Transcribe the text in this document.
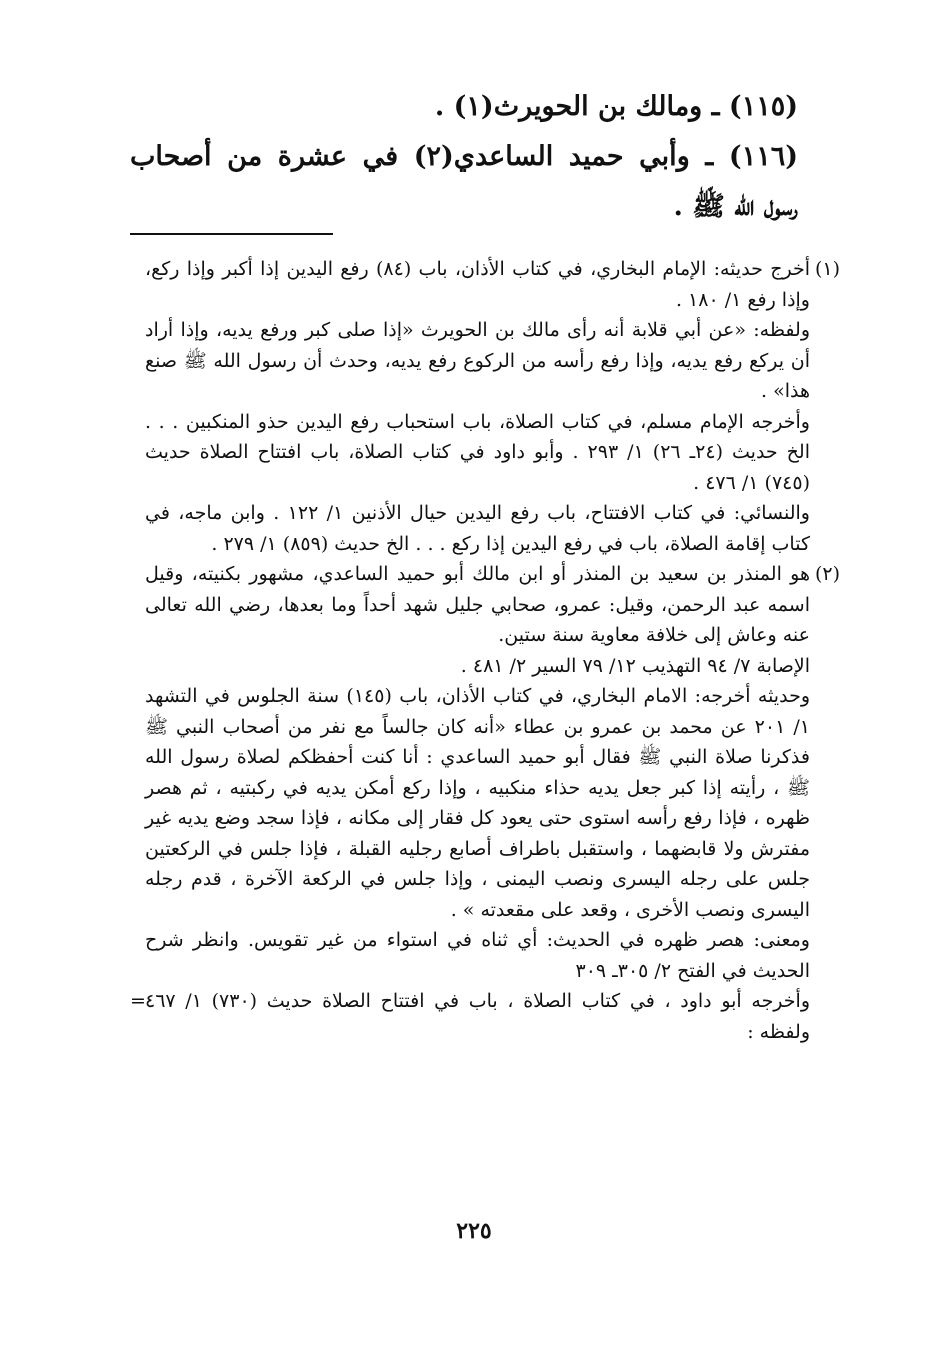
(١١٥) ـ ومالك بن الحويرث(١) .

(١١٦) ـ وأبي حميد الساعدي(٢) في عشرة من أصحاب

رسول الله ﷺ .

(١)

أخرج حديثه: الإمام البخاري، في كتاب الأذان، باب (٨٤) رفع اليدين إذا أكبر وإذا ركع، وإذا رفع ١/ ١٨٠ .

ولفظه: «عن أبي قلابة أنه رأى مالك بن الحويرث «إذا صلى كبر ورفع يديه، وإذا أراد أن يركع رفع يديه، وإذا رفع رأسه من الركوع رفع يديه، وحدث أن رسول الله ﷺ صنع هذا» .

وأخرجه الإمام مسلم، في كتاب الصلاة، باب استحباب رفع اليدين حذو المنكبين . . . الخ حديث (٢٤ـ ٢٦) ١/ ٢٩٣ . وأبو داود في كتاب الصلاة، باب افتتاح الصلاة حديث (٧٤٥) ١/ ٤٧٦ .

والنسائي: في كتاب الافتتاح، باب رفع اليدين حيال الأذنين ١/ ١٢٢ . وابن ماجه، في كتاب إقامة الصلاة، باب في رفع اليدين إذا ركع . . . الخ حديث (٨٥٩) ١/ ٢٧٩ .

(٢)

هو المنذر بن سعيد بن المنذر أو ابن مالك أبو حميد الساعدي، مشهور بكنيته، وقيل اسمه عبد الرحمن، وقيل: عمرو، صحابي جليل شهد أحداً وما بعدها، رضي الله تعالى عنه وعاش إلى خلافة معاوية سنة ستين.

الإصابة ٧/ ٩٤ التهذيب ١٢/ ٧٩ السير ٢/ ٤٨١ .

وحديثه أخرجه: الامام البخاري، في كتاب الأذان، باب (١٤٥) سنة الجلوس في التشهد ١/ ٢٠١ عن محمد بن عمرو بن عطاء «أنه كان جالساً مع نفر من أصحاب النبي ﷺ فذكرنا صلاة النبي ﷺ فقال أبو حميد الساعدي : أنا كنت أحفظكم لصلاة رسول الله ﷺ ، رأيته إذا كبر جعل يديه حذاء منكبيه ، وإذا ركع أمكن يديه في ركبتيه ، ثم هصر ظهره ، فإذا رفع رأسه استوى حتى يعود كل فقار إلى مكانه ، فإذا سجد وضع يديه غير مفترش ولا قابضهما ، واستقبل باطراف أصابع رجليه القبلة ، فإذا جلس في الركعتين جلس على رجله اليسرى ونصب اليمنى ، وإذا جلس في الركعة الآخرة ، قدم رجله اليسرى ونصب الأخرى ، وقعد على مقعدته » .

ومعنى: هصر ظهره في الحديث: أي ثناه في استواء من غير تقويس. وانظر شرح الحديث في الفتح ٢/ ٣٠٥ـ ٣٠٩

وأخرجه أبو داود ، في كتاب الصلاة ، باب في افتتاح الصلاة حديث (٧٣٠) ١/ ٤٦٧ ولفظه :
=

٢٢٥
